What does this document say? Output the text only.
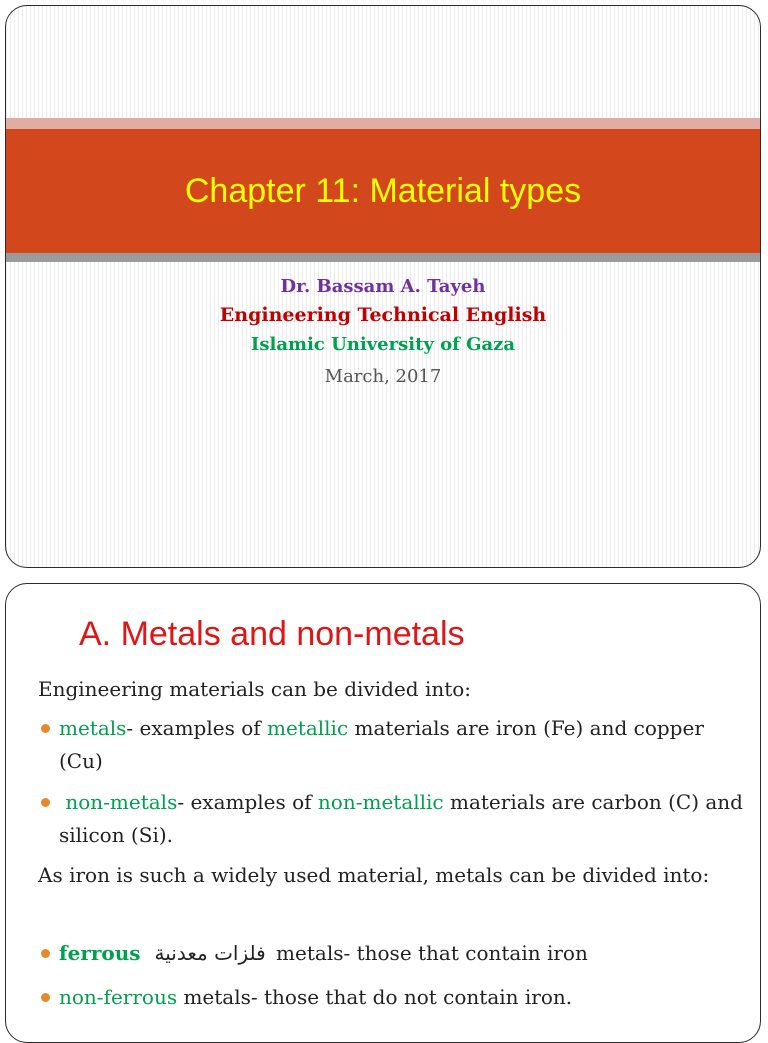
Chapter 11: Material types
Dr. Bassam A. Tayeh
Engineering Technical English
Islamic University of Gaza
March, 2017
A. Metals and non-metals
Engineering materials can be divided into:
metals- examples of metallic materials are iron (Fe) and copper (Cu)
non-metals- examples of non-metallic materials are carbon (C) and silicon (Si).
As iron is such a widely used material, metals can be divided into:
ferrous فلزات معدنية metals- those that contain iron
non-ferrous metals- those that do not contain iron.
